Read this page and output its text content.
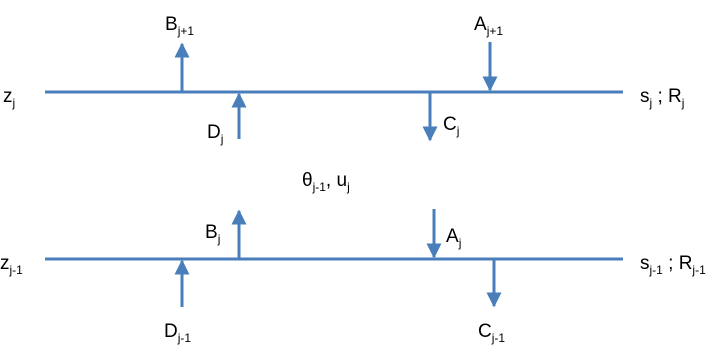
$z_j$	$s_j$ ; $R_j$
$B_{j+1}$	$A_{j+1}$
$D_j$
$C_j$
$\theta_{j-1}$, $u_j$
$z_{j-1}$	$s_{j-1}$ ; $R_{j-1}$
$B_j$	$A_j$
$D_{j-1}$	$C_{j-1}$
